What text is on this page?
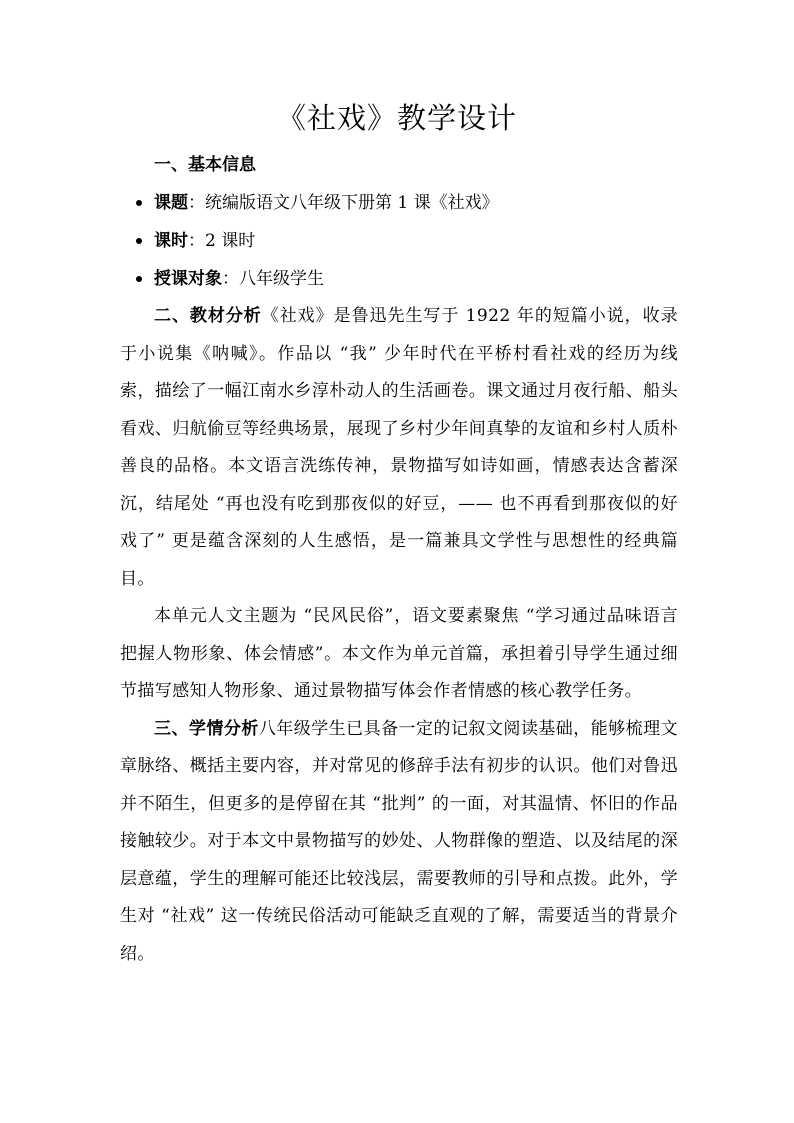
《社戏》教学设计
一、基本信息
课题：统编版语文八年级下册第 1 课《社戏》
课时：2 课时
授课对象：八年级学生

二、教材分析《社戏》是鲁迅先生写于 1922 年的短篇小说，收录于小说集《呐喊》。作品以 “我” 少年时代在平桥村看社戏的经历为线索，描绘了一幅江南水乡淳朴动人的生活画卷。课文通过月夜行船、船头看戏、归航偷豆等经典场景，展现了乡村少年间真挚的友谊和乡村人质朴善良的品格。本文语言洗练传神，景物描写如诗如画，情感表达含蓄深沉，结尾处 “再也没有吃到那夜似的好豆，—— 也不再看到那夜似的好戏了” 更是蕴含深刻的人生感悟，是一篇兼具文学性与思想性的经典篇目。

本单元人文主题为 “民风民俗”，语文要素聚焦 “学习通过品味语言把握人物形象、体会情感”。本文作为单元首篇，承担着引导学生通过细节描写感知人物形象、通过景物描写体会作者情感的核心教学任务。

三、学情分析八年级学生已具备一定的记叙文阅读基础，能够梳理文章脉络、概括主要内容，并对常见的修辞手法有初步的认识。他们对鲁迅并不陌生，但更多的是停留在其 “批判” 的一面，对其温情、怀旧的作品接触较少。对于本文中景物描写的妙处、人物群像的塑造、以及结尾的深层意蕴，学生的理解可能还比较浅层，需要教师的引导和点拨。此外，学生对 “社戏” 这一传统民俗活动可能缺乏直观的了解，需要适当的背景介绍。
